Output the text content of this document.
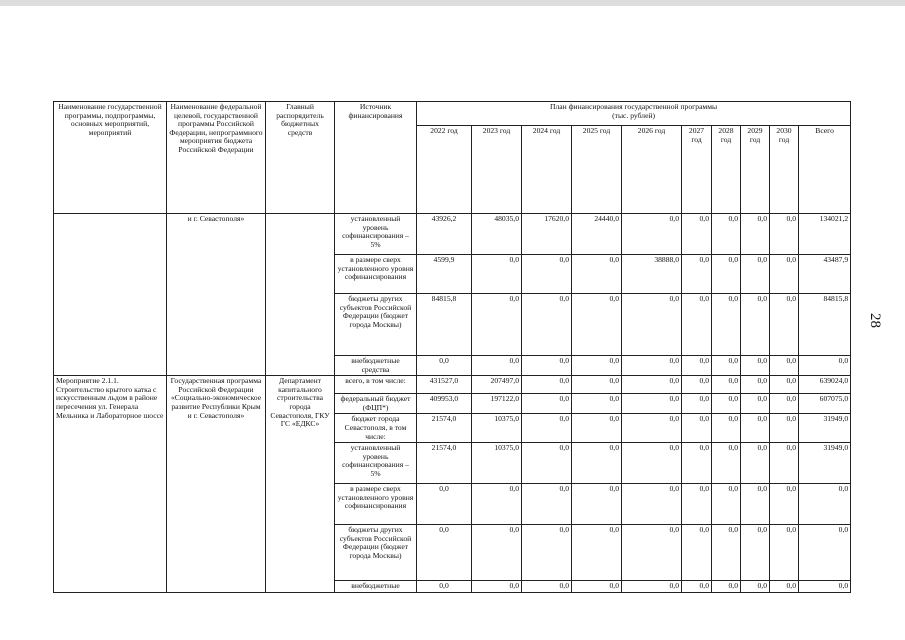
28
Наименование государственной программы, подпрограммы, основных мероприятий, мероприятий	Наименование федеральной целевой, государственной программы Российской Федерации, непрограммного мероприятия бюджета Российской Федерации	Главный распорядитель бюджетных средств	Источник финансирования	План финансирования государственной программы
(тыс. рублей)									
				2022 год	2023 год	2024 год	2025 год	2026 год	2027 год	2028 год	2029 год	2030 год	Всего
	и г. Севастополя»		установленный уровень софинансирования – 5%	43926,2	48035,0	17620,0	24440,0	0,0	0,0	0,0	0,0	0,0	134021,2
			в размере сверх установленного уровня софинансирования	4599,9	0,0	0,0	0,0	38888,0	0,0	0,0	0,0	0,0	43487,9
			бюджеты других субъектов Российской Федерации (бюджет города Москвы)	84815,8	0,0	0,0	0,0	0,0	0,0	0,0	0,0	0,0	84815,8
			внебюджетные средства	0,0	0,0	0,0	0,0	0,0	0,0	0,0	0,0	0,0	0,0
Мероприятие 2.1.1. Строительство крытого катка с искусственным льдом в районе пересечения ул. Генерала Мельника и Лабораторное шоссе	Государственная программа Российской Федерации «Социально-экономическое развитие Республики Крым и г. Севастополя»	Департамент капитального строительства города Севастополя, ГКУ ГС «ЕДКС»	всего, в том числе:	431527,0	207497,0	0,0	0,0	0,0	0,0	0,0	0,0	0,0	639024,0
			федеральный бюджет (ФЦП*)	409953,0	197122,0	0,0	0,0	0,0	0,0	0,0	0,0	0,0	607075,0
			бюджет города Севастополя, в том числе:	21574,0	10375,0	0,0	0,0	0,0	0,0	0,0	0,0	0,0	31949,0
			установленный уровень софинансирования – 5%	21574,0	10375,0	0,0	0,0	0,0	0,0	0,0	0,0	0,0	31949,0
			в размере сверх установленного уровня софинансирования	0,0	0,0	0,0	0,0	0,0	0,0	0,0	0,0	0,0	0,0
			бюджеты других субъектов Российской Федерации (бюджет города Москвы)	0,0	0,0	0,0	0,0	0,0	0,0	0,0	0,0	0,0	0,0
			внебюджетные	0,0	0,0	0,0	0,0	0,0	0,0	0,0	0,0	0,0	0,0
